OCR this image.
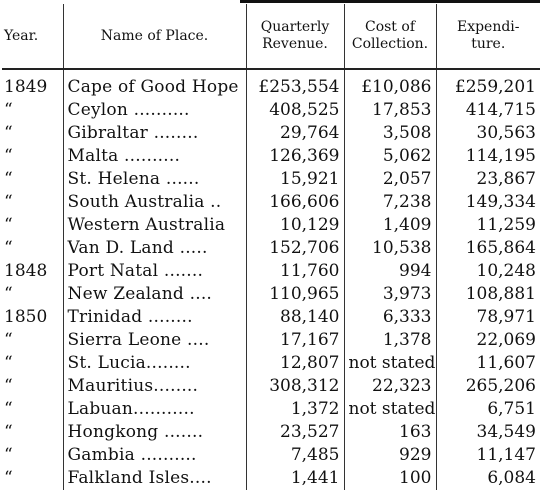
Year.	Name of Place.	Quarterly Revenue.	Cost of Collection.	Expendi- ture.
1849	Cape of Good Hope	£253,554	£10,086	£259,201
“	Ceylon ..........	408,525	17,853	414,715
“	Gibraltar ........	29,764	3,508	30,563
“	Malta ..........	126,369	5,062	114,195
“	St. Helena ......	15,921	2,057	23,867
“	South Australia ..	166,606	7,238	149,334
“	Western Australia	10,129	1,409	11,259
“	Van D. Land .....	152,706	10,538	165,864
1848	Port Natal .......	11,760	994	10,248
“	New Zealand ....	110,965	3,973	108,881
1850	Trinidad ........	88,140	6,333	78,971
“	Sierra Leone ....	17,167	1,378	22,069
“	St. Lucia........	12,807	not stated	11,607
“	Mauritius........	308,312	22,323	265,206
“	Labuan...........	1,372	not stated	6,751
“	Hongkong .......	23,527	163	34,549
“	Gambia ..........	7,485	929	11,147
“	Falkland Isles....	1,441	100	6,084
